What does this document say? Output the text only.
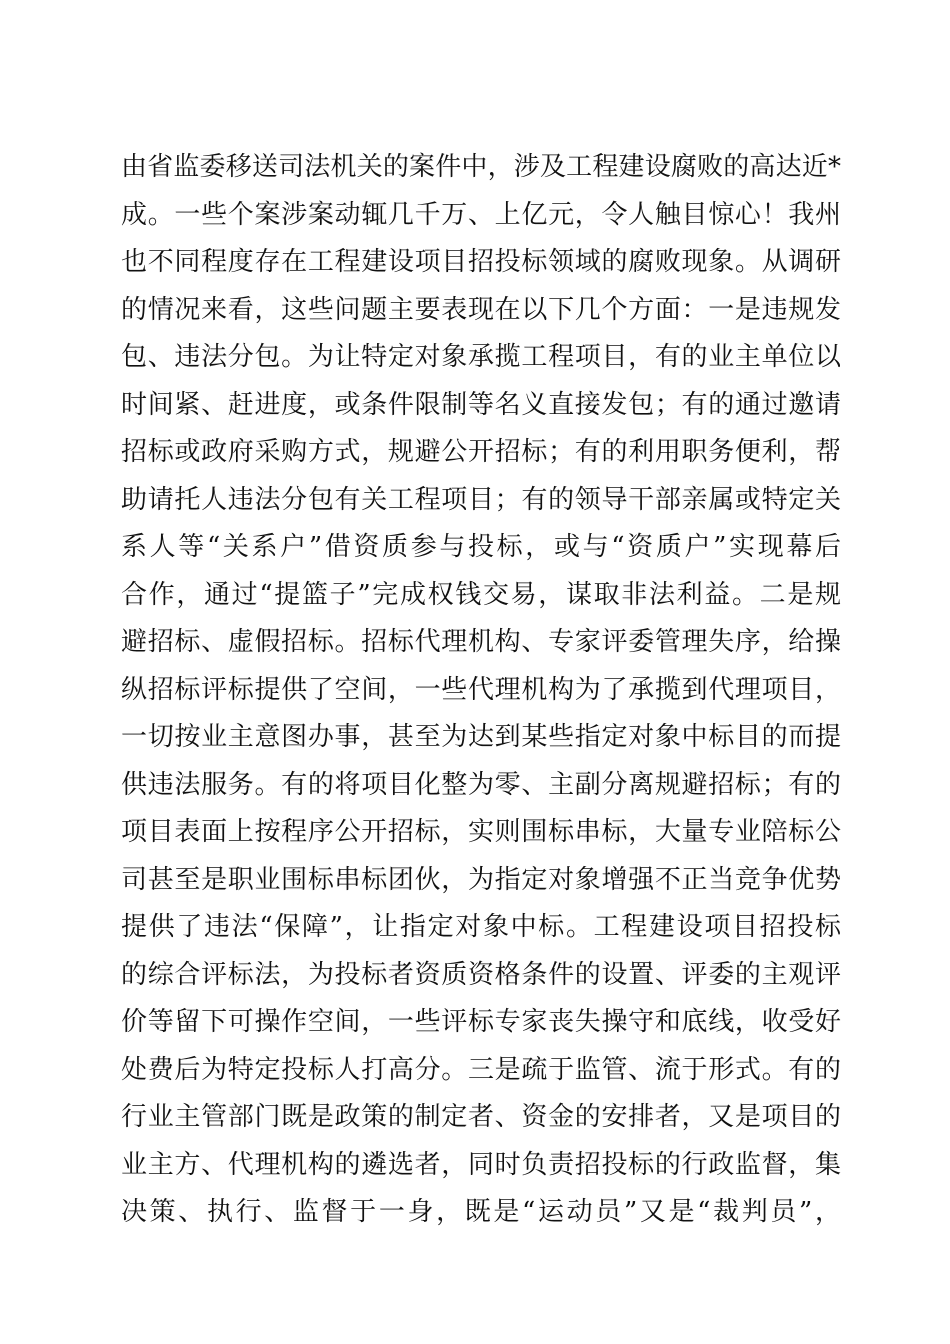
由省监委移送司法机关的案件中，涉及工程建设腐败的高达近*
成。一些个案涉案动辄几千万、上亿元，令人触目惊心！我州
也不同程度存在工程建设项目招投标领域的腐败现象。从调研
的情况来看，这些问题主要表现在以下几个方面：一是违规发
包、违法分包。为让特定对象承揽工程项目，有的业主单位以
时间紧、赶进度，或条件限制等名义直接发包；有的通过邀请
招标或政府采购方式，规避公开招标；有的利用职务便利，帮
助请托人违法分包有关工程项目；有的领导干部亲属或特定关
系人等“关系户”借资质参与投标，或与“资质户”实现幕后
合作，通过“提篮子”完成权钱交易，谋取非法利益。二是规
避招标、虚假招标。招标代理机构、专家评委管理失序，给操
纵招标评标提供了空间，一些代理机构为了承揽到代理项目，
一切按业主意图办事，甚至为达到某些指定对象中标目的而提
供违法服务。有的将项目化整为零、主副分离规避招标；有的
项目表面上按程序公开招标，实则围标串标，大量专业陪标公
司甚至是职业围标串标团伙，为指定对象增强不正当竞争优势
提供了违法“保障”，让指定对象中标。工程建设项目招投标
的综合评标法，为投标者资质资格条件的设置、评委的主观评
价等留下可操作空间，一些评标专家丧失操守和底线，收受好
处费后为特定投标人打高分。三是疏于监管、流于形式。有的
行业主管部门既是政策的制定者、资金的安排者，又是项目的
业主方、代理机构的遴选者，同时负责招投标的行政监督，集
决策、执行、监督于一身，既是“运动员”又是“裁判员”，
